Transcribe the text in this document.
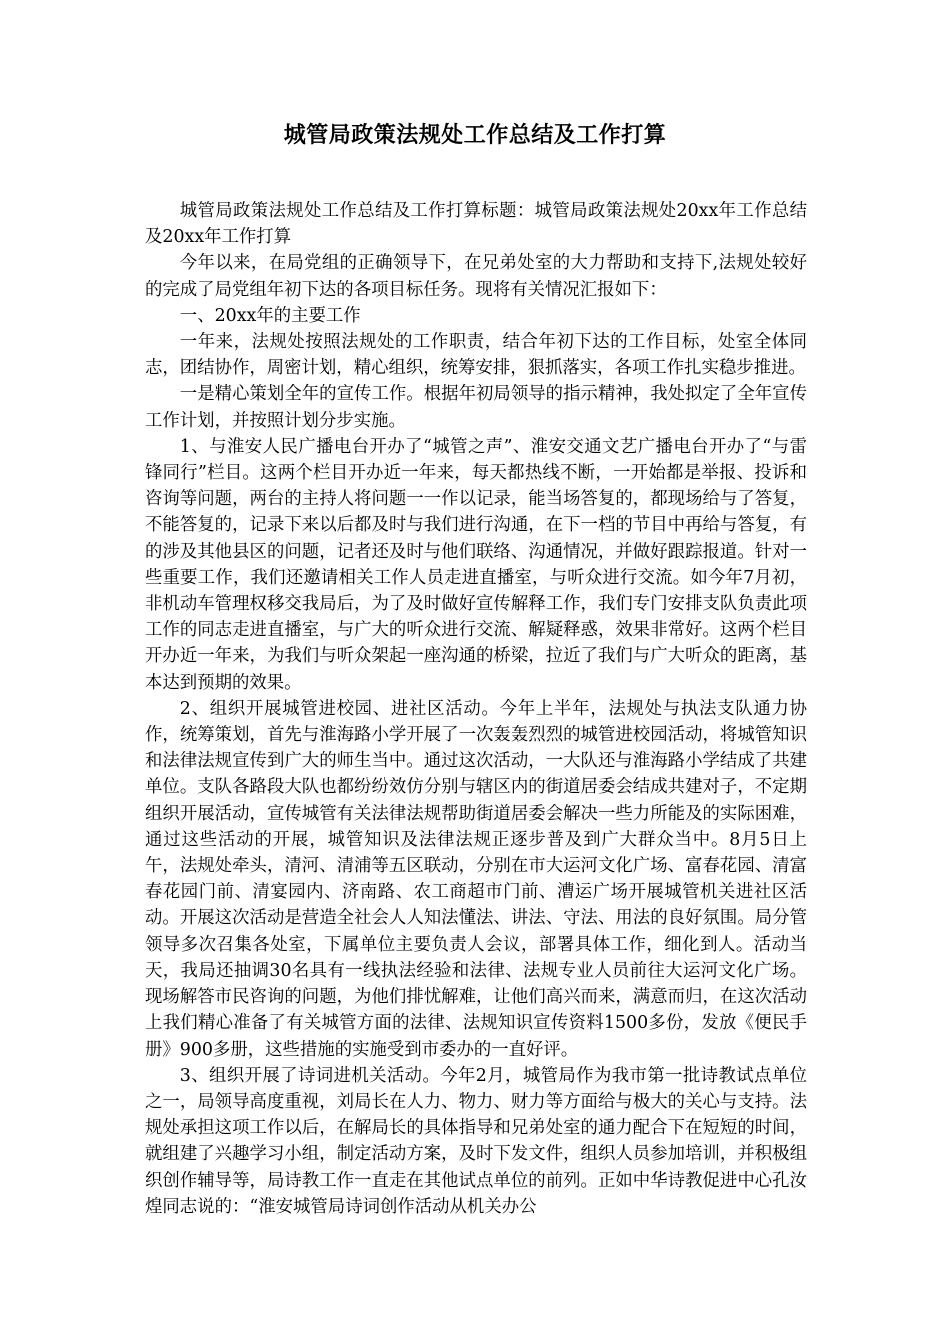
城管局政策法规处工作总结及工作打算

城管局政策法规处工作总结及工作打算标题：城管局政策法规处20xx年工作总结及20xx年工作打算

今年以来，在局党组的正确领导下，在兄弟处室的大力帮助和支持下,法规处较好的完成了局党组年初下达的各项目标任务。现将有关情况汇报如下：

一、20xx年的主要工作

一年来，法规处按照法规处的工作职责，结合年初下达的工作目标，处室全体同志，团结协作，周密计划，精心组织，统筹安排，狠抓落实，各项工作扎实稳步推进。

一是精心策划全年的宣传工作。根据年初局领导的指示精神，我处拟定了全年宣传工作计划，并按照计划分步实施。

1、与淮安人民广播电台开办了“城管之声”、淮安交通文艺广播电台开办了“与雷锋同行”栏目。这两个栏目开办近一年来，每天都热线不断，一开始都是举报、投诉和咨询等问题，两台的主持人将问题一一作以记录，能当场答复的，都现场给与了答复，不能答复的，记录下来以后都及时与我们进行沟通，在下一档的节目中再给与答复，有的涉及其他县区的问题，记者还及时与他们联络、沟通情况，并做好跟踪报道。针对一些重要工作，我们还邀请相关工作人员走进直播室，与听众进行交流。如今年7月初，非机动车管理权移交我局后，为了及时做好宣传解释工作，我们专门安排支队负责此项工作的同志走进直播室，与广大的听众进行交流、解疑释惑，效果非常好。这两个栏目开办近一年来，为我们与听众架起一座沟通的桥梁，拉近了我们与广大听众的距离，基本达到预期的效果。

2、组织开展城管进校园、进社区活动。今年上半年，法规处与执法支队通力协作，统筹策划，首先与淮海路小学开展了一次轰轰烈烈的城管进校园活动，将城管知识和法律法规宣传到广大的师生当中。通过这次活动，一大队还与淮海路小学结成了共建单位。支队各路段大队也都纷纷效仿分别与辖区内的街道居委会结成共建对子，不定期组织开展活动，宣传城管有关法律法规帮助街道居委会解决一些力所能及的实际困难，通过这些活动的开展，城管知识及法律法规正逐步普及到广大群众当中。8月5日上午，法规处牵头，清河、清浦等五区联动，分别在市大运河文化广场、富春花园、清富春花园门前、清宴园内、济南路、农工商超市门前、漕运广场开展城管机关进社区活动。开展这次活动是营造全社会人人知法懂法、讲法、守法、用法的良好氛围。局分管领导多次召集各处室，下属单位主要负责人会议，部署具体工作，细化到人。活动当天，我局还抽调30名具有一线执法经验和法律、法规专业人员前往大运河文化广场。现场解答市民咨询的问题，为他们排忧解难，让他们高兴而来，满意而归，在这次活动上我们精心准备了有关城管方面的法律、法规知识宣传资料1500多份，发放《便民手册》900多册，这些措施的实施受到市委办的一直好评。

3、组织开展了诗词进机关活动。今年2月，城管局作为我市第一批诗教试点单位之一，局领导高度重视，刘局长在人力、物力、财力等方面给与极大的关心与支持。法规处承担这项工作以后，在解局长的具体指导和兄弟处室的通力配合下在短短的时间，就组建了兴趣学习小组，制定活动方案，及时下发文件，组织人员参加培训，并积极组织创作辅导等，局诗教工作一直走在其他试点单位的前列。正如中华诗教促进中心孔汝煌同志说的：“淮安城管局诗词创作活动从机关办公
